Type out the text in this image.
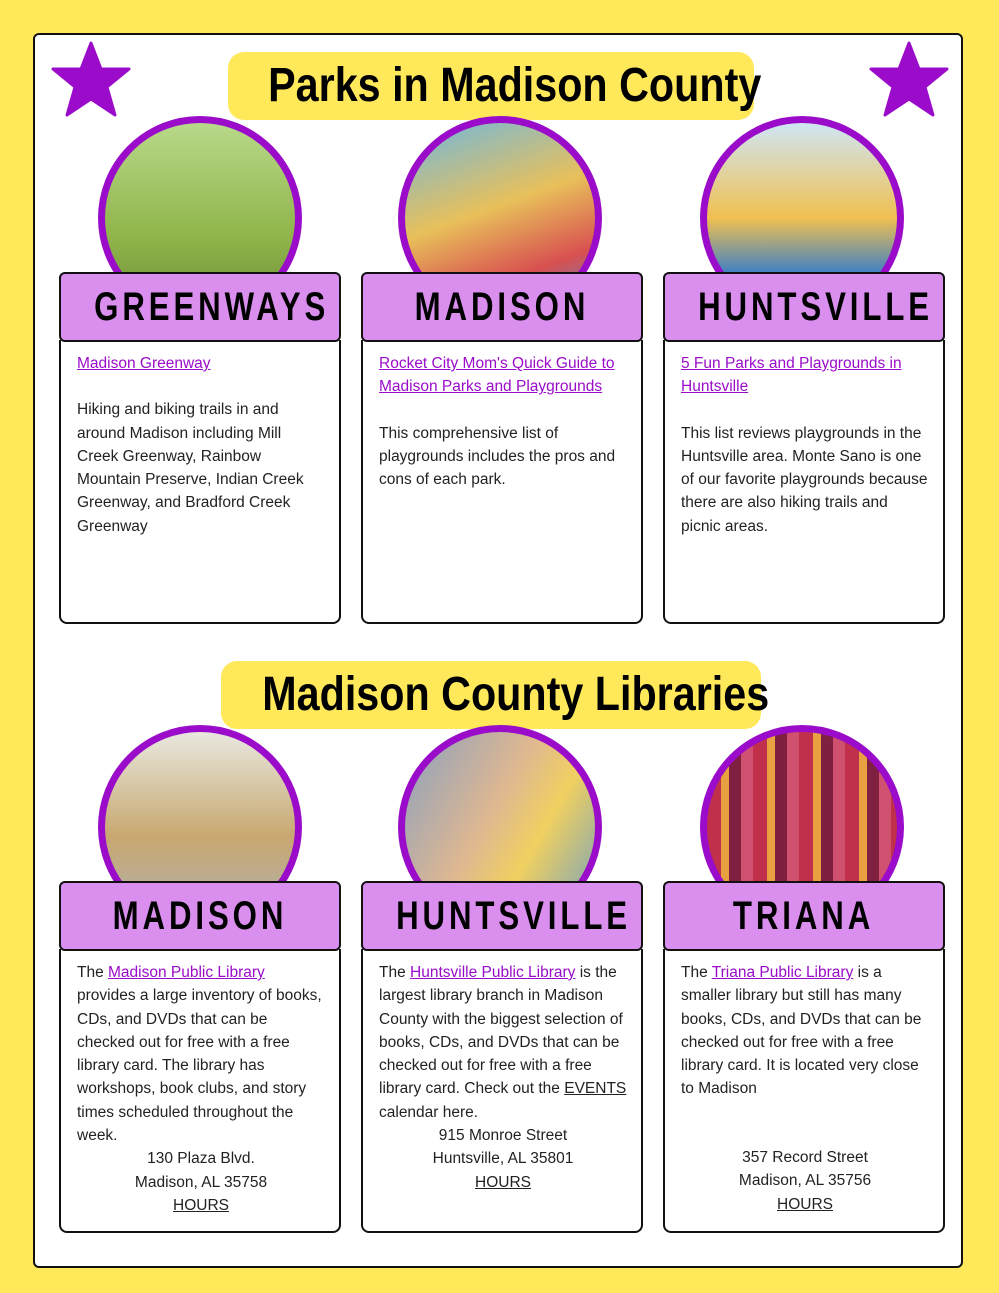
Parks in Madison County
GREENWAYS	MADISON	HUNTSVILLE
Madison Greenway
Hiking and biking trails in and around Madison including Mill Creek Greenway, Rainbow Mountain Preserve, Indian Creek Greenway, and Bradford Creek Greenway
Rocket City Mom's Quick Guide to Madison Parks and Playgrounds
This comprehensive list of playgrounds includes the pros and cons of each park.
5 Fun Parks and Playgrounds in Huntsville
This list reviews playgrounds in the Huntsville area. Monte Sano is one of our favorite playgrounds because there are also hiking trails and picnic areas.
Madison County Libraries
MADISON	HUNTSVILLE	TRIANA
The Madison Public Library provides a large inventory of books, CDs, and DVDs that can be checked out for free with a free library card. The library has workshops, book clubs, and story times scheduled throughout the week.
130 Plaza Blvd.
Madison, AL 35758
HOURS
The Huntsville Public Library is the largest library branch in Madison County with the biggest selection of books, CDs, and DVDs that can be checked out for free with a free library card. Check out the EVENTS calendar here.
915 Monroe Street
Huntsville, AL 35801
HOURS
The Triana Public Library is a smaller library but still has many books, CDs, and DVDs that can be checked out for free with a free library card. It is located very close to Madison
357 Record Street
Madison, AL 35756
HOURS
